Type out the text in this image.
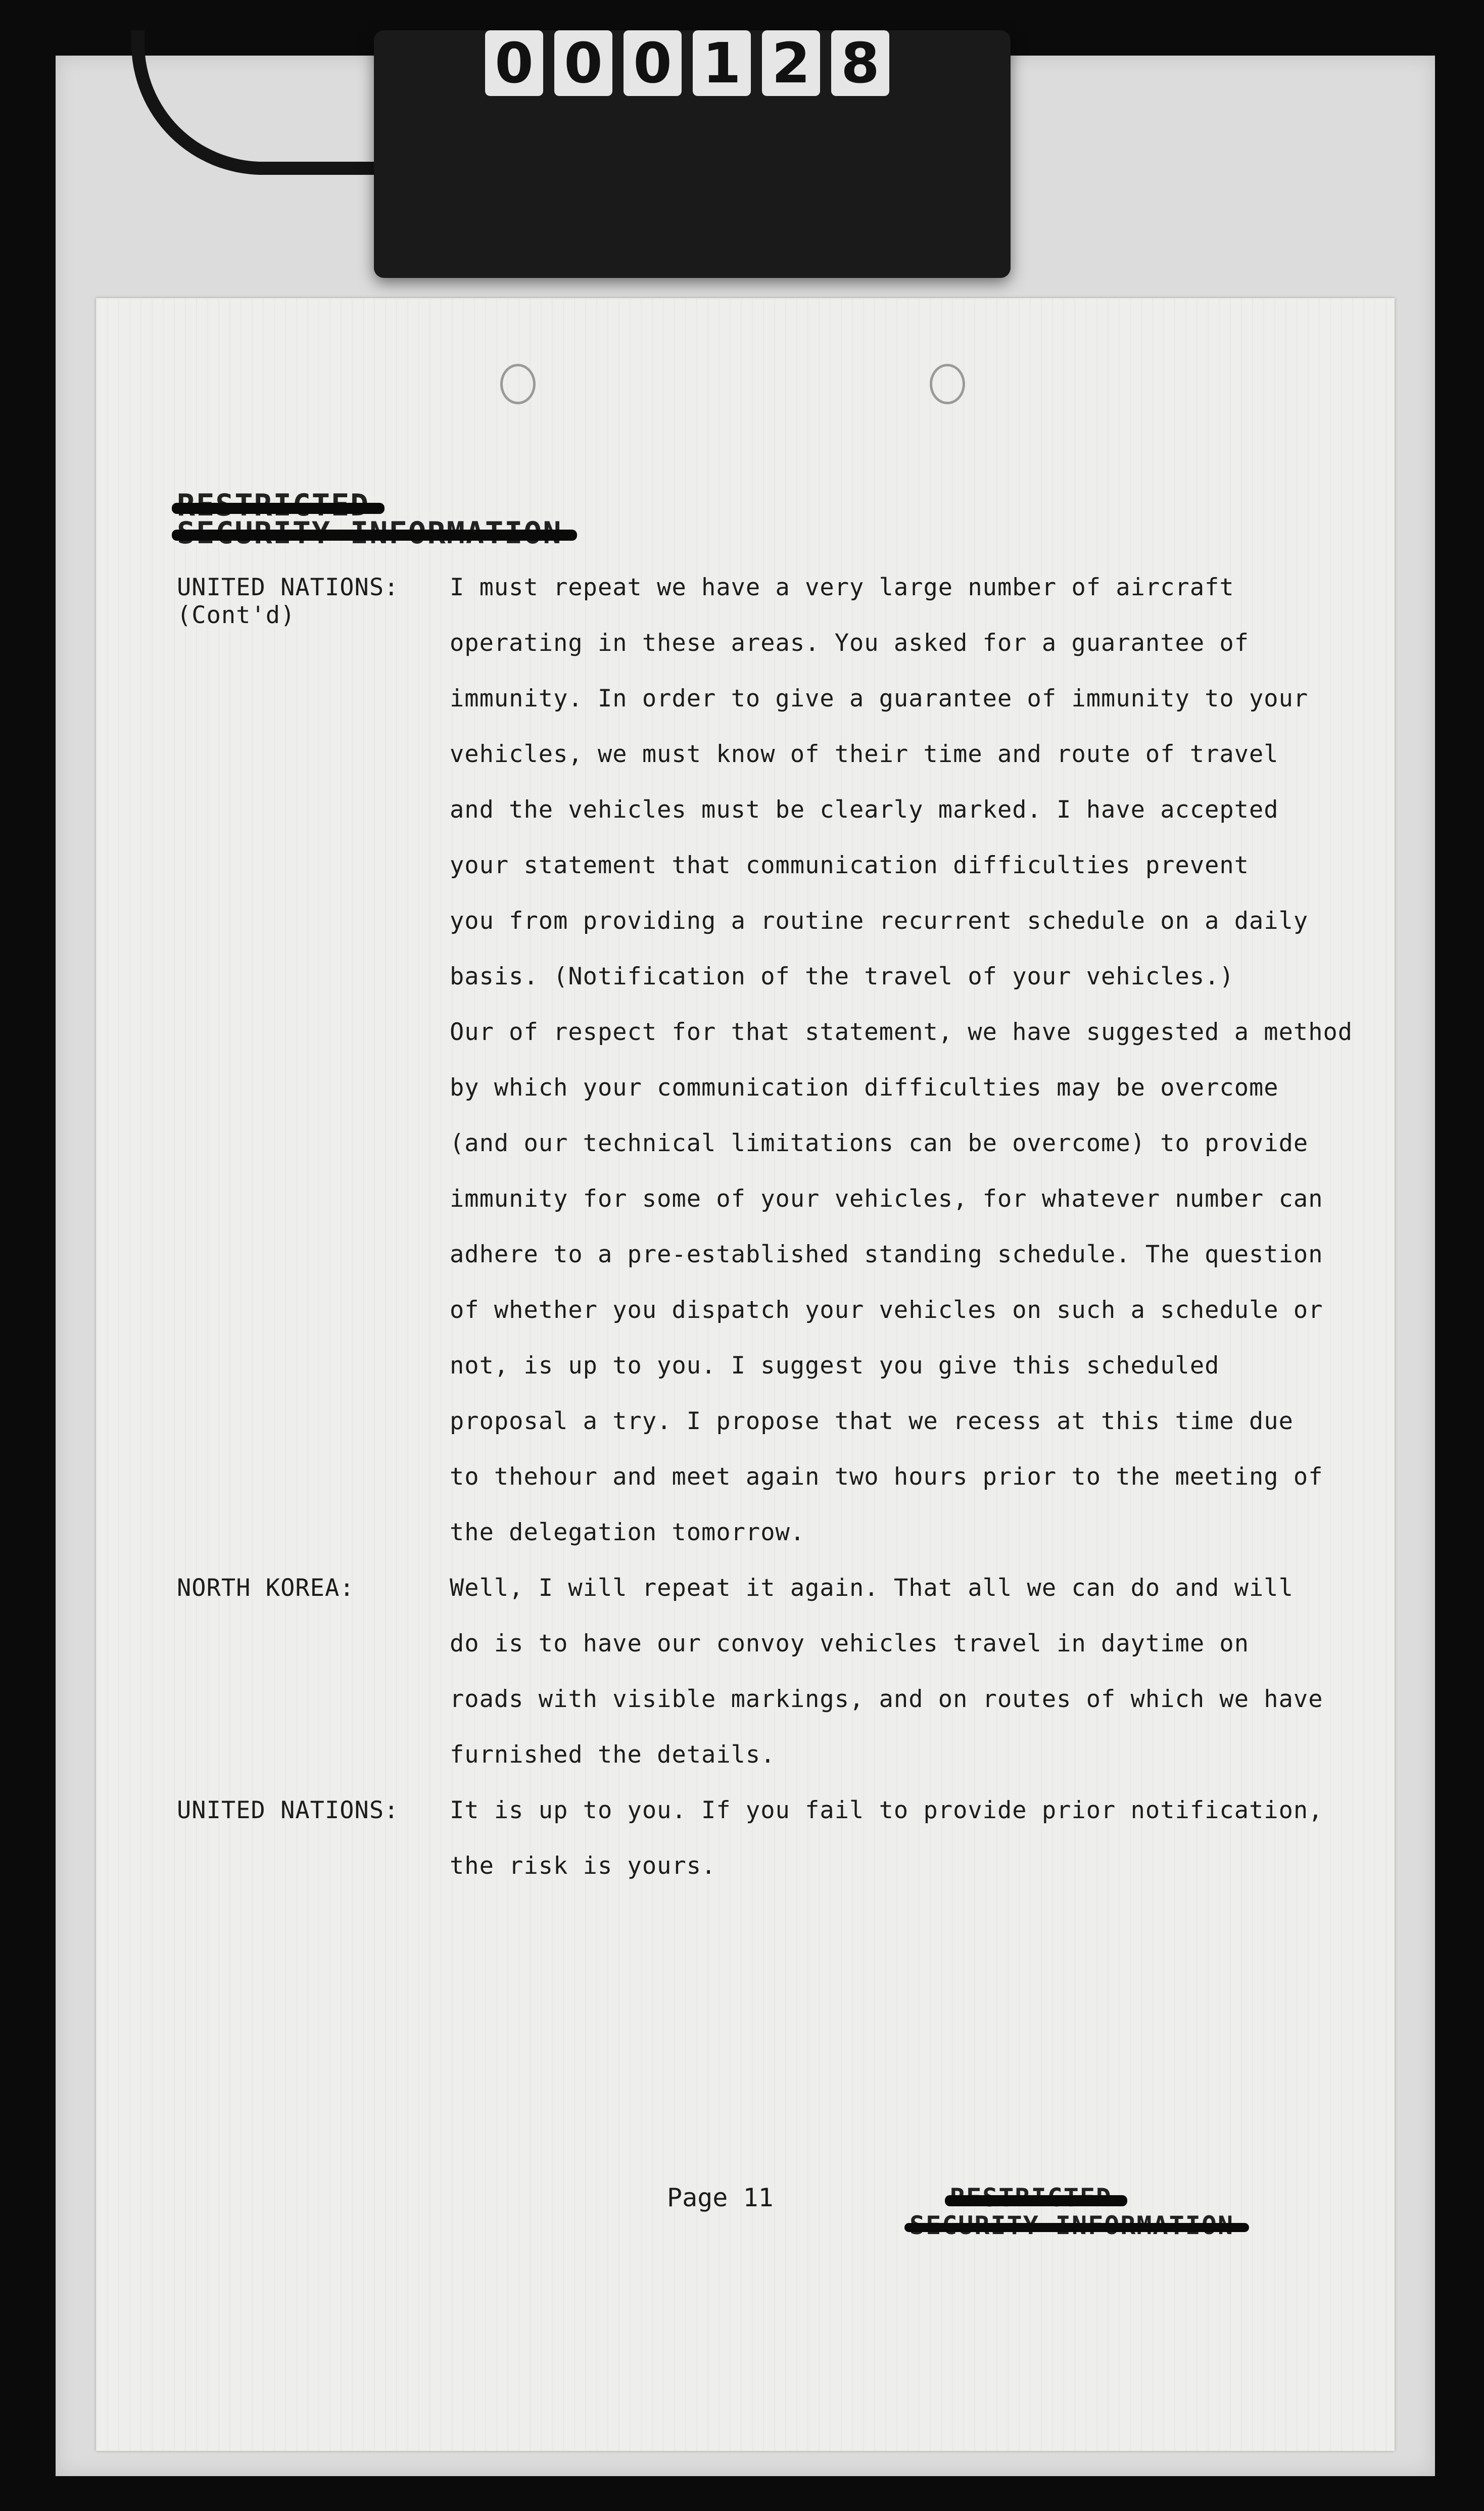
0 0 0 1 2 8
UNITED NATIONS:
(Cont'd)
I must repeat we have a very large number of aircraft
operating in these areas. You asked for a guarantee of
immunity. In order to give a guarantee of immunity to your
vehicles, we must know of their time and route of travel
and the vehicles must be clearly marked. I have accepted
your statement that communication difficulties prevent
you from providing a routine recurrent schedule on a daily
basis. (Notification of the travel of your vehicles.)
Our of respect for that statement, we have suggested a method
by which your communication difficulties may be overcome
(and our technical limitations can be overcome) to provide
immunity for some of your vehicles, for whatever number can
adhere to a pre-established standing schedule. The question
of whether you dispatch your vehicles on such a schedule or
not, is up to you. I suggest you give this scheduled
proposal a try. I propose that we recess at this time due
to thehour and meet again two hours prior to the meeting of
the delegation tomorrow.
NORTH KOREA:	Well, I will repeat it again. That all we can do and will
do is to have our convoy vehicles travel in daytime on
roads with visible markings, and on routes of which we have
furnished the details.
UNITED NATIONS: It is up to you. If you fail to provide prior notification,
the risk is yours.
Page 11
